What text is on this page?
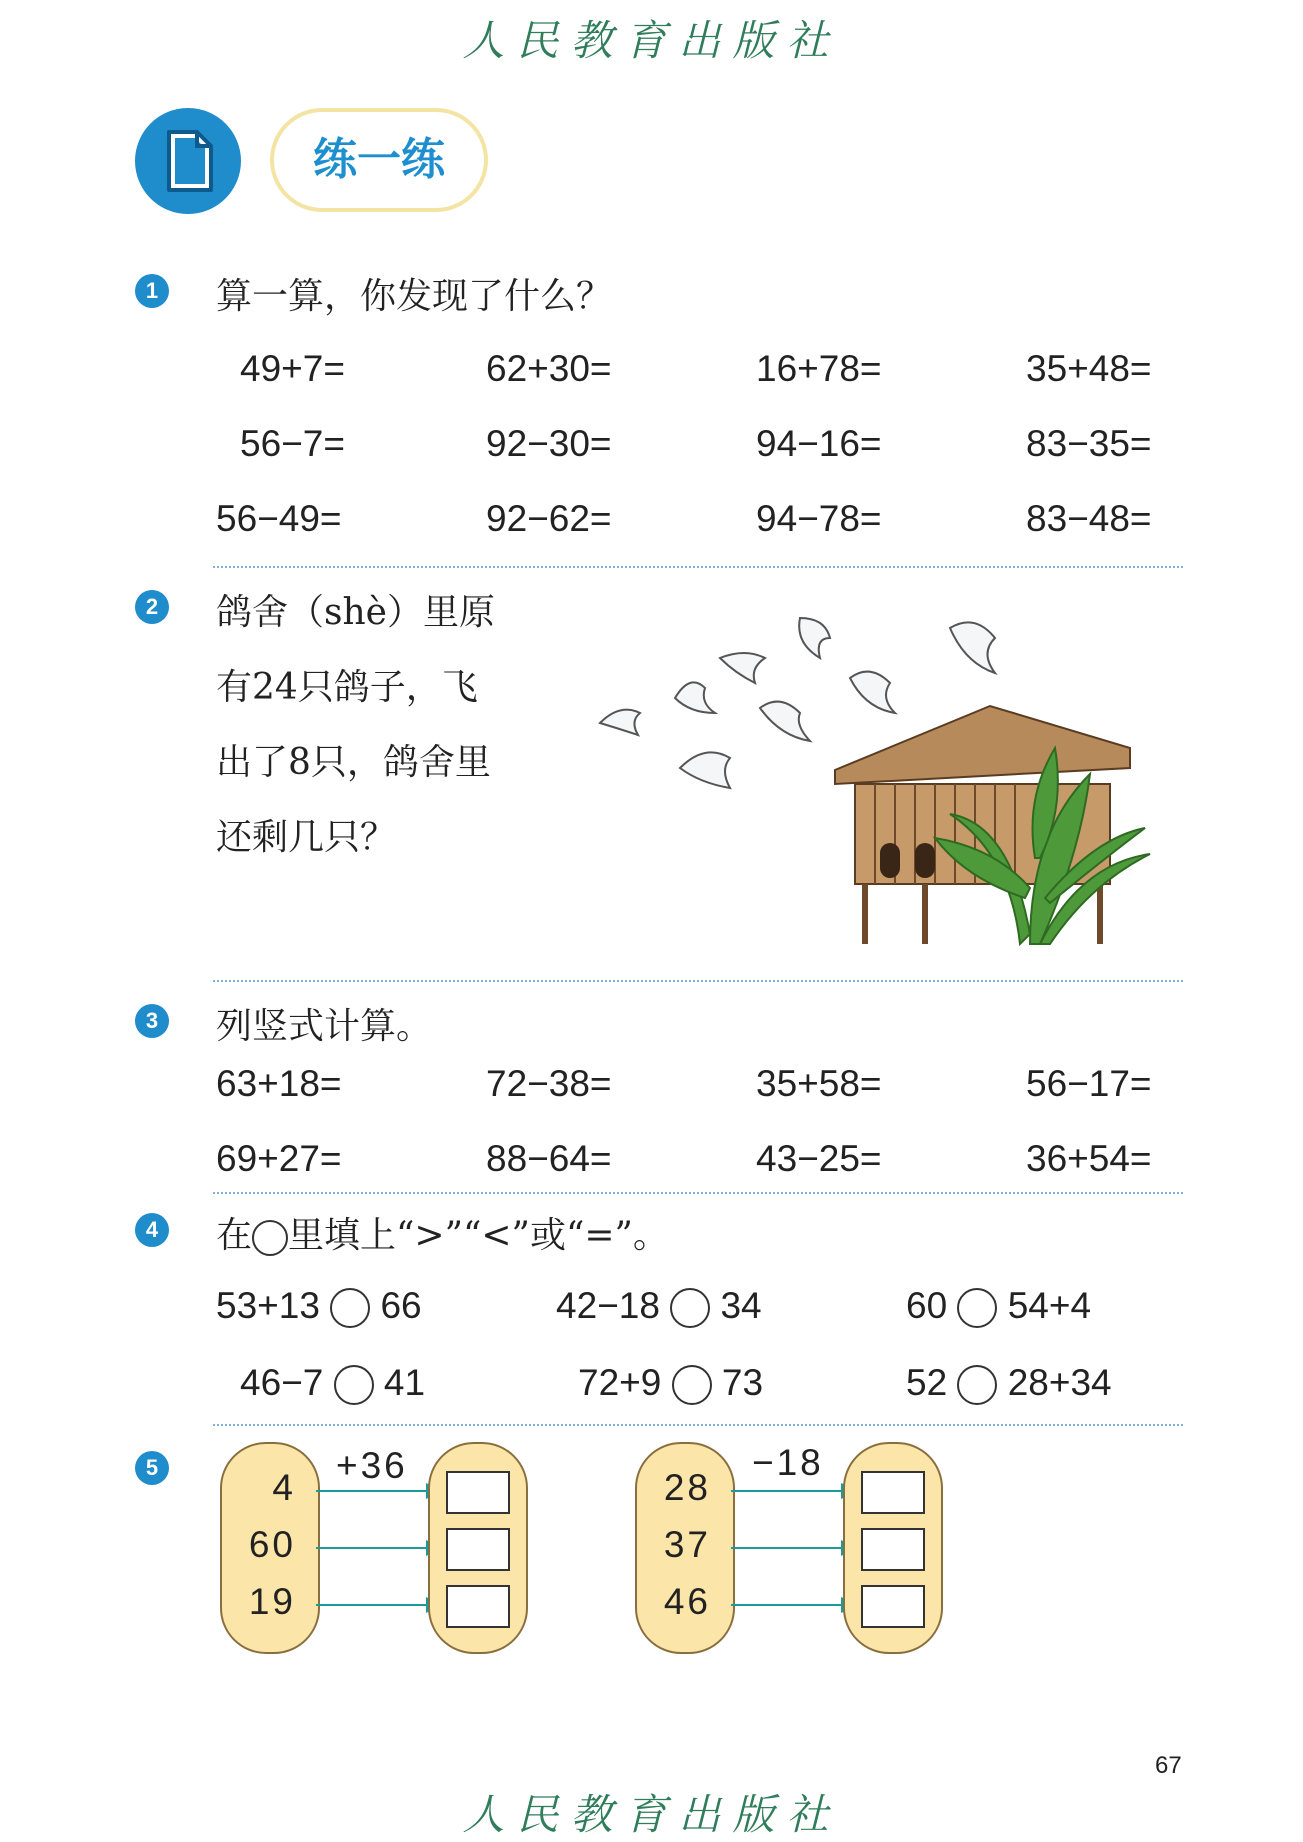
人民教育出版社
练一练
1	算一算，你发现了什么？
49+7=	62+30=	16+78=	35+48=
56−7=	92−30=	94−16=	83−35=
56−49=	92−62=	94−78=	83−48=
2	鸽舍（shè）里原
有24只鸽子，飞
出了8只，鸽舍里
还剩几只？
3	列竖式计算。
63+18=	72−38=	35+58=	56−17=
69+27=	88−64=	43−25=	36+54=
4	在 里填上“>”“<”或“=”。
53+13 66	42−18 34	60 54+4
46−7 41	72+9 73	52 28+34
5	4
60
19
+36
28
37
46
−18
67
人民教育出版社
